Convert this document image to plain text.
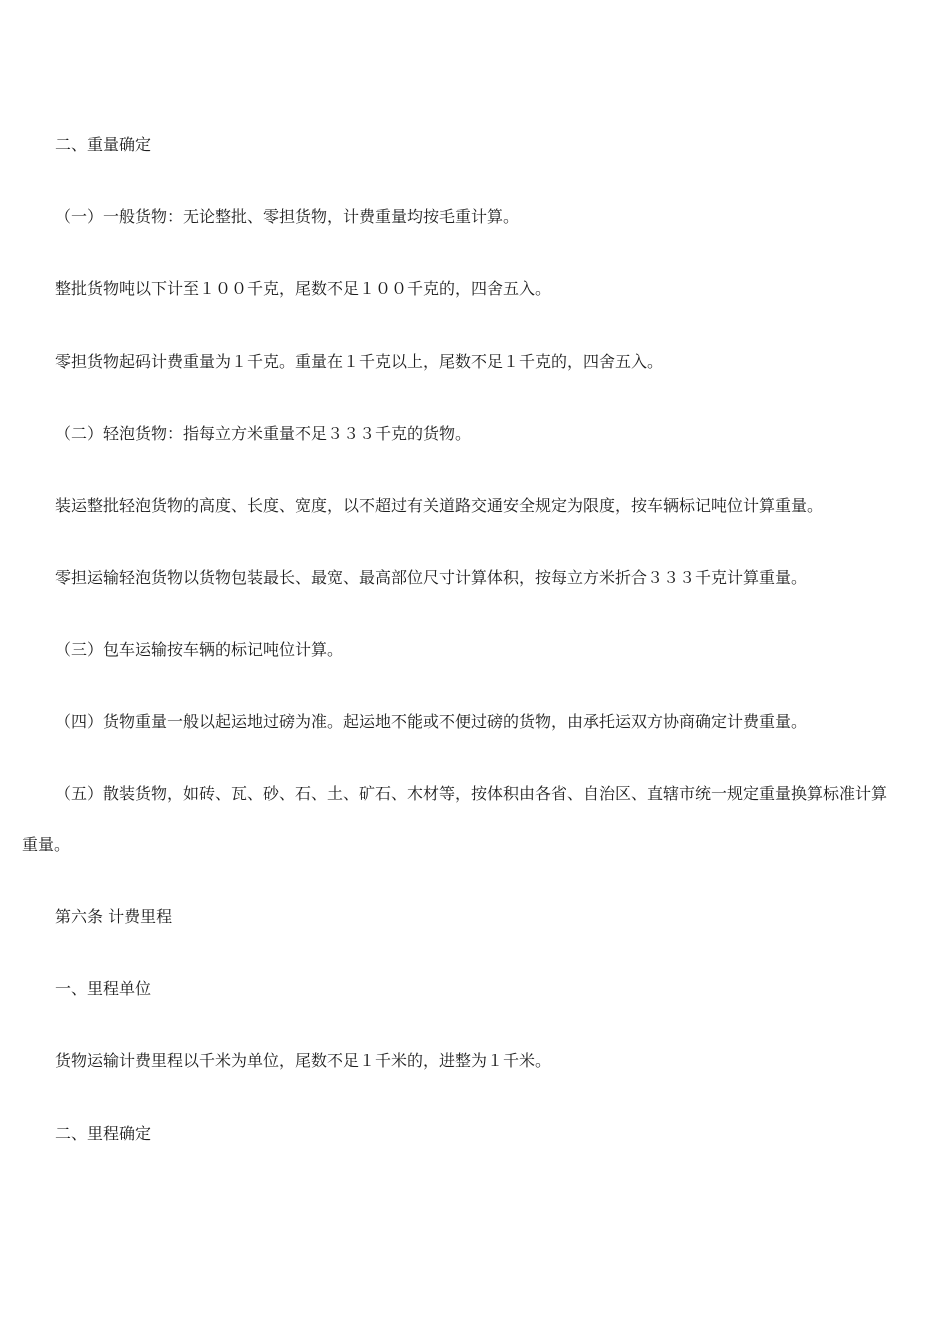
二、重量确定
（一）一般货物：无论整批、零担货物，计费重量均按毛重计算。
整批货物吨以下计至１００千克，尾数不足１００千克的，四舍五入。
零担货物起码计费重量为１千克。重量在１千克以上，尾数不足１千克的，四舍五入。
（二）轻泡货物：指每立方米重量不足３３３千克的货物。
装运整批轻泡货物的高度、长度、宽度，以不超过有关道路交通安全规定为限度，按车辆标记吨位计算重量。
零担运输轻泡货物以货物包装最长、最宽、最高部位尺寸计算体积，按每立方米折合３３３千克计算重量。
（三）包车运输按车辆的标记吨位计算。
（四）货物重量一般以起运地过磅为准。起运地不能或不便过磅的货物，由承托运双方协商确定计费重量。
（五）散装货物，如砖、瓦、砂、石、土、矿石、木材等，按体积由各省、自治区、直辖市统一规定重量换算标准计算
重量。
第六条 计费里程
一、里程单位
货物运输计费里程以千米为单位，尾数不足１千米的，进整为１千米。
二、里程确定
